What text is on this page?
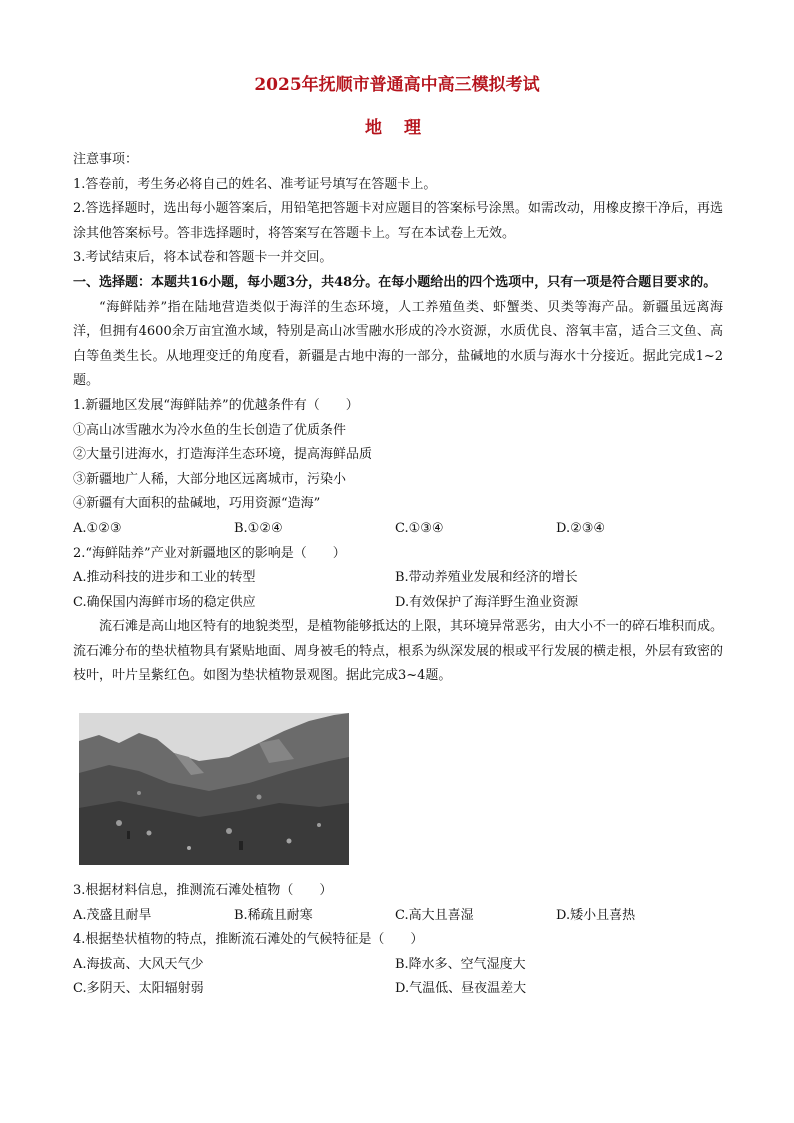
2025年抚顺市普通高中高三模拟考试
地 理
注意事项：
1.答卷前，考生务必将自己的姓名、准考证号填写在答题卡上。
2.答选择题时，选出每小题答案后，用铅笔把答题卡对应题目的答案标号涂黑。如需改动，用橡皮擦干净后，再选涂其他答案标号。答非选择题时，将答案写在答题卡上。写在本试卷上无效。
3.考试结束后，将本试卷和答题卡一并交回。
一、选择题：本题共16小题，每小题3分，共48分。在每小题给出的四个选项中，只有一项是符合题目要求的。
“海鲜陆养”指在陆地营造类似于海洋的生态环境，人工养殖鱼类、虾蟹类、贝类等海产品。新疆虽远离海洋，但拥有4600余万亩宜渔水域，特别是高山冰雪融水形成的冷水资源，水质优良、溶氧丰富，适合三文鱼、高白等鱼类生长。从地理变迁的角度看，新疆是古地中海的一部分，盐碱地的水质与海水十分接近。据此完成1~2题。
1.新疆地区发展“海鲜陆养”的优越条件有（　　）
①高山冰雪融水为冷水鱼的生长创造了优质条件
②大量引进海水，打造海洋生态环境，提高海鲜品质
③新疆地广人稀，大部分地区远离城市，污染小
④新疆有大面积的盐碱地，巧用资源“造海”
A.①②③	B.①②④	C.①③④	D.②③④
2.“海鲜陆养”产业对新疆地区的影响是（　　）
A.推动科技的进步和工业的转型	B.带动养殖业发展和经济的增长
C.确保国内海鲜市场的稳定供应	D.有效保护了海洋野生渔业资源
流石滩是高山地区特有的地貌类型，是植物能够抵达的上限，其环境异常恶劣，由大小不一的碎石堆积而成。流石滩分布的垫状植物具有紧贴地面、周身被毛的特点，根系为纵深发展的根或平行发展的横走根，外层有致密的枝叶，叶片呈紫红色。如图为垫状植物景观图。据此完成3~4题。
3.根据材料信息，推测流石滩处植物（　　）
A.茂盛且耐旱	B.稀疏且耐寒	C.高大且喜湿	D.矮小且喜热
4.根据垫状植物的特点，推断流石滩处的气候特征是（　　）
A.海拔高、大风天气少	B.降水多、空气湿度大
C.多阴天、太阳辐射弱	D.气温低、昼夜温差大
